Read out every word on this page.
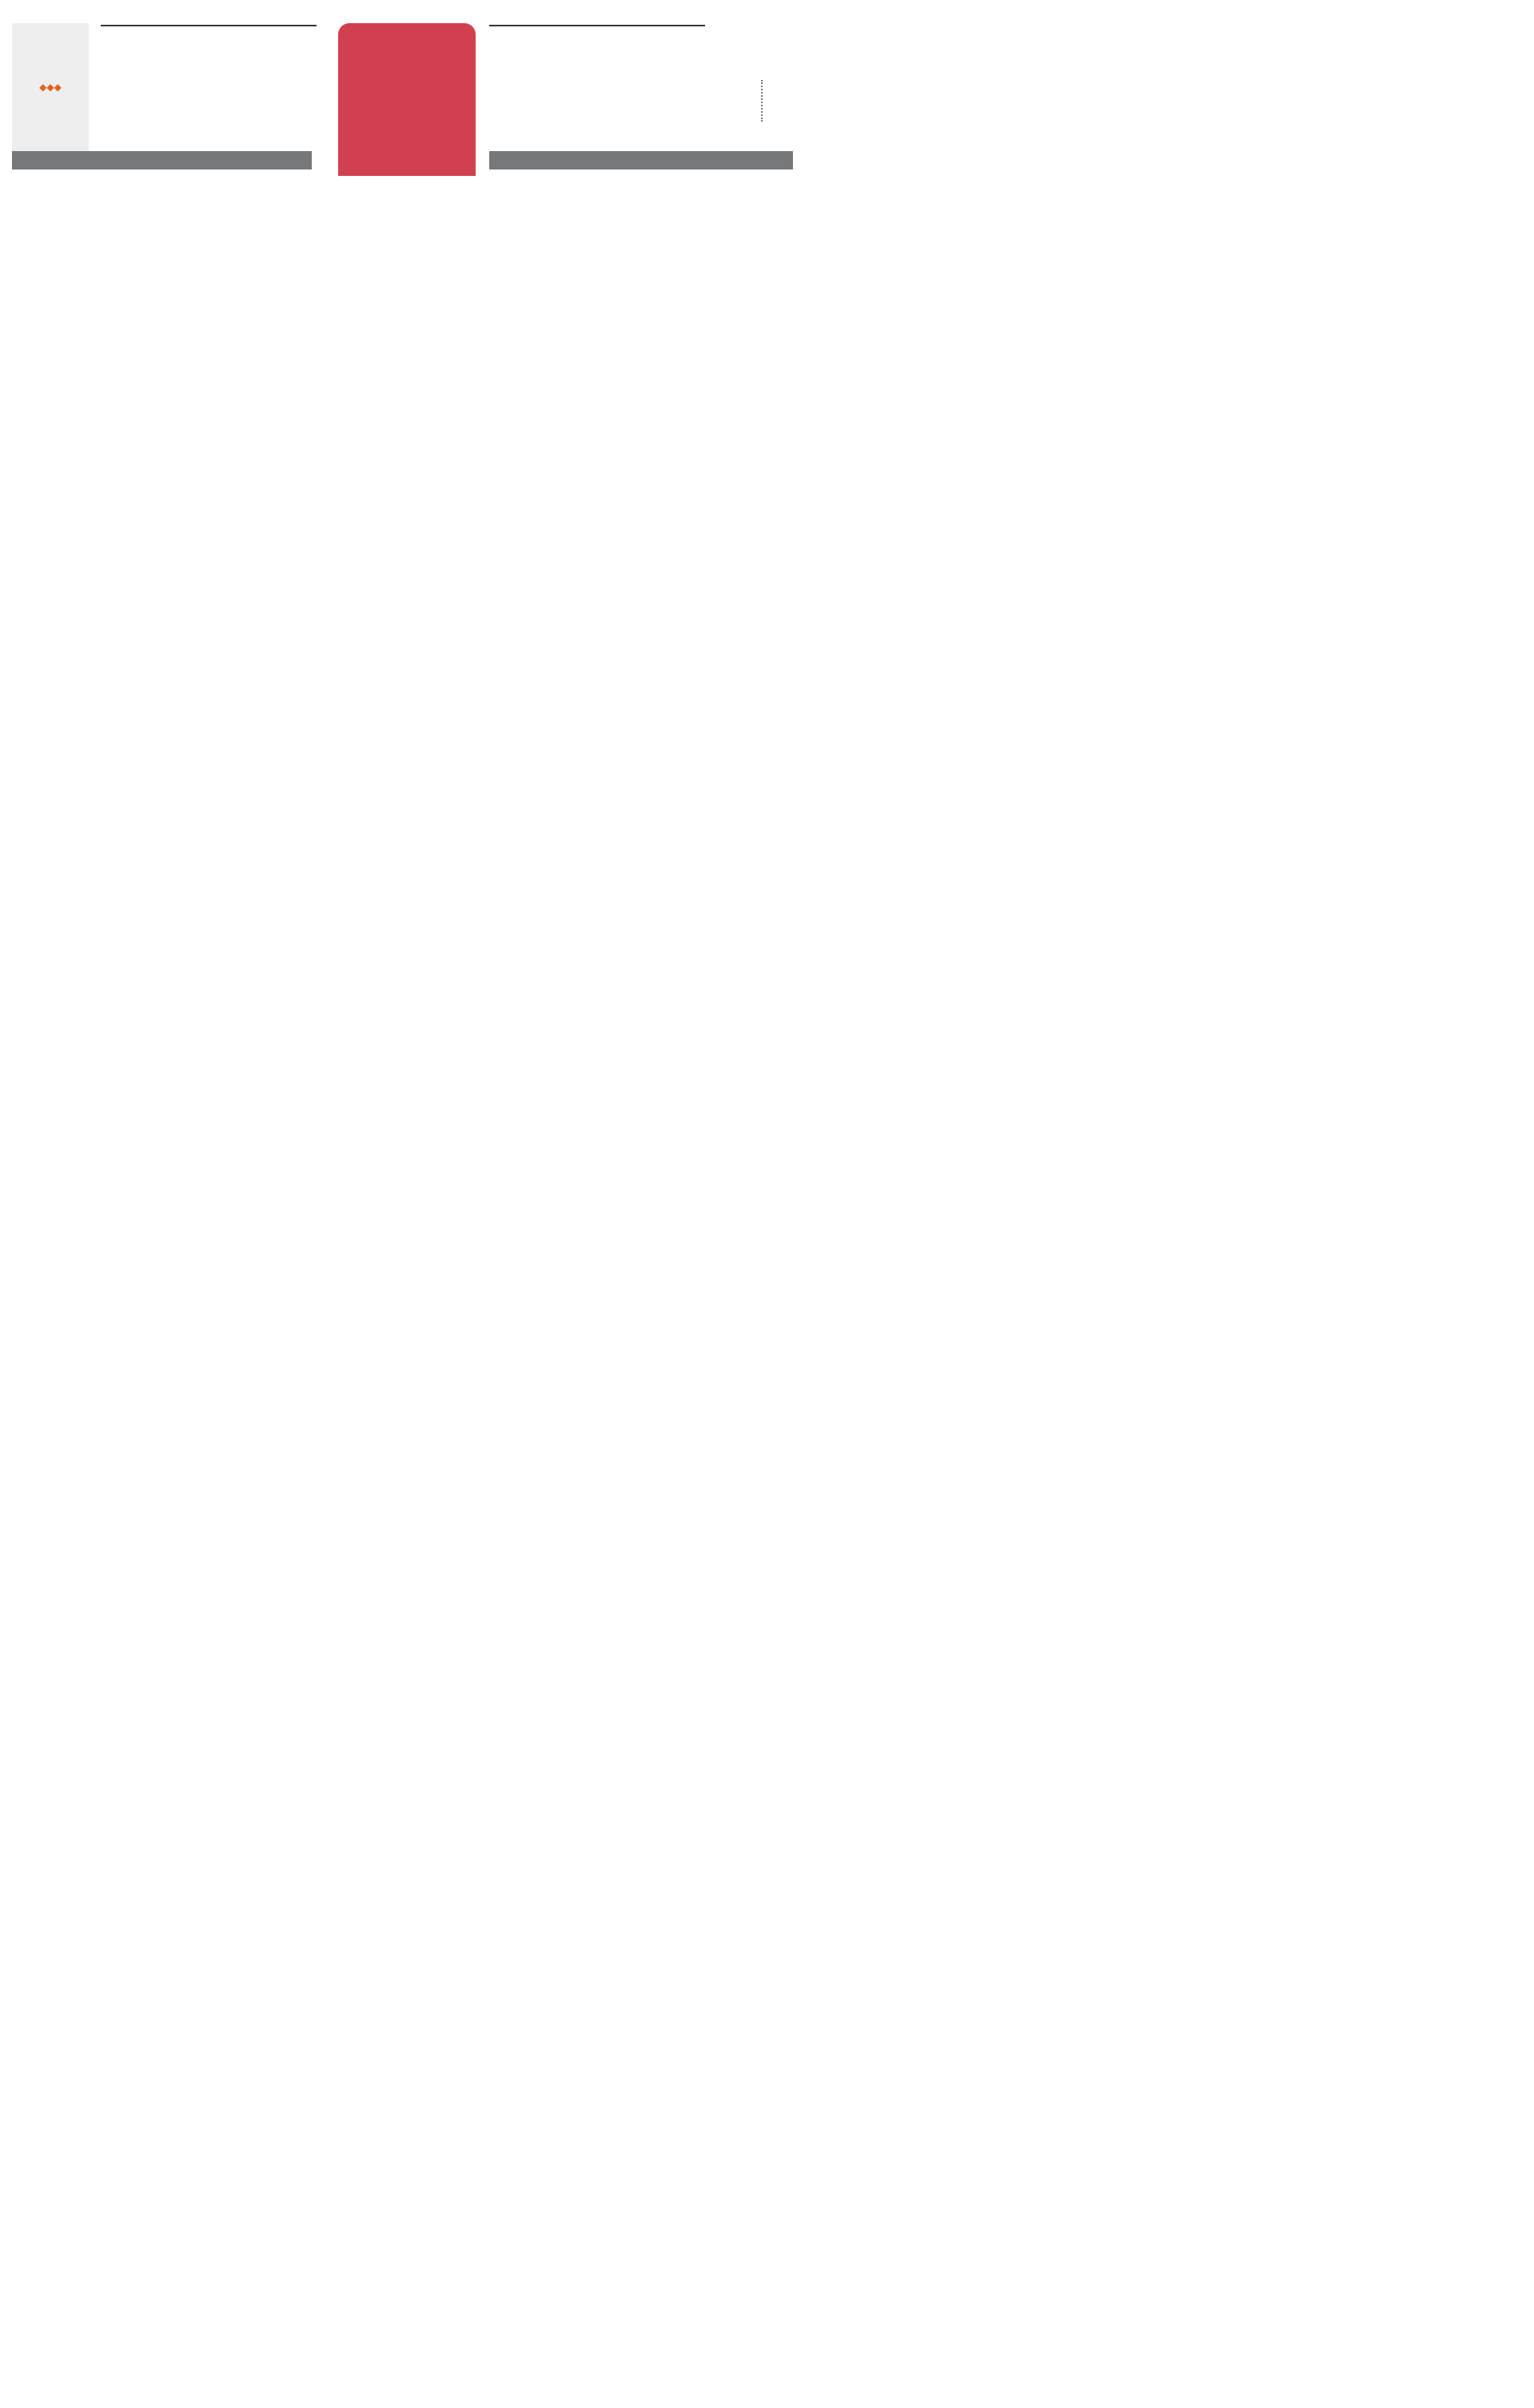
◆◆◆
